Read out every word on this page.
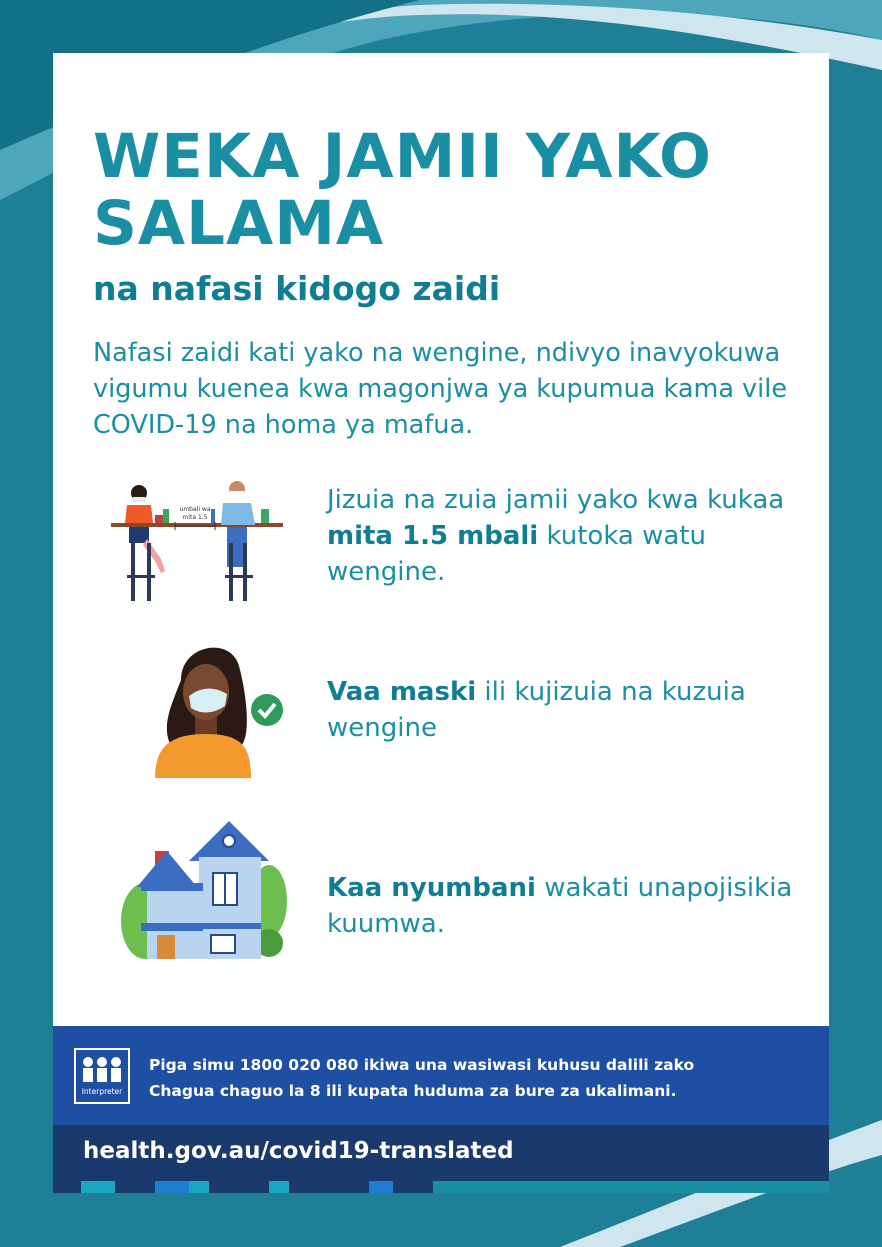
WEKA JAMII YAKO
SALAMA
na nafasi kidogo zaidi

Nafasi zaidi kati yako na wengine, ndivyo inavyokuwa vigumu kuenea kwa magonjwa ya kupumua kama vile COVID-19 na homa ya mafua.

umbali wa
mita 1.5

Jizuia na zuia jamii yako kwa kukaa mita 1.5 mbali kutoka watu wengine.

Vaa maski ili kujizuia na kuzuia wengine

Kaa nyumbani wakati unapojisikia kuumwa.

Interpreter
Piga simu 1800 020 080 ikiwa una wasiwasi kuhusu dalili zako
Chagua chaguo la 8 ili kupata huduma za bure za ukalimani.
health.gov.au/covid19-translated
